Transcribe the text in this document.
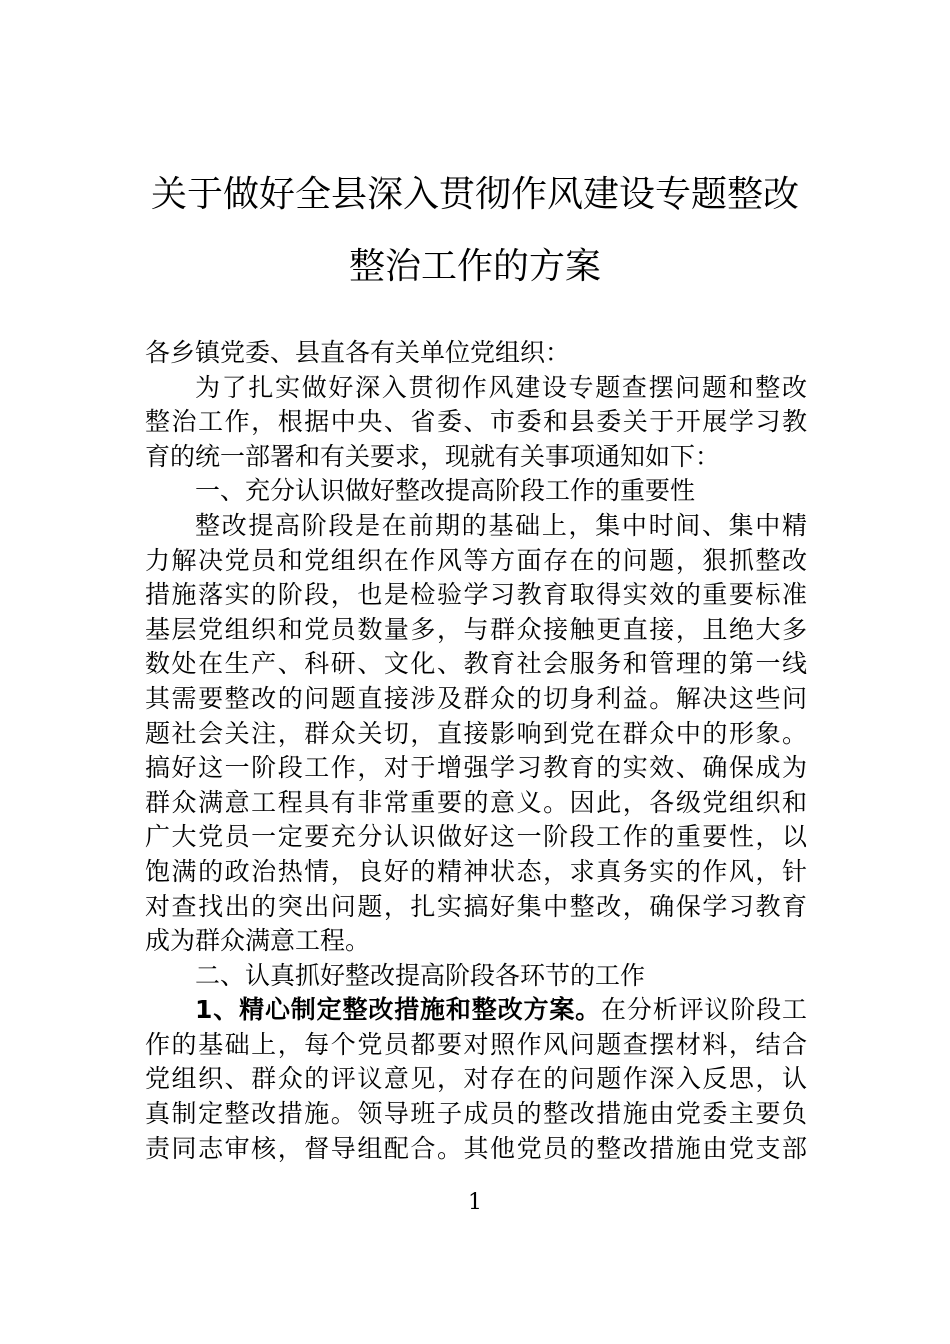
关于做好全县深入贯彻作风建设专题整改
整治工作的方案
各乡镇党委、县直各有关单位党组织：
为了扎实做好深入贯彻作风建设专题查摆问题和整改
整治工作，根据中央、省委、市委和县委关于开展学习教
育的统一部署和有关要求，现就有关事项通知如下：
一、充分认识做好整改提高阶段工作的重要性
整改提高阶段是在前期的基础上，集中时间、集中精
力解决党员和党组织在作风等方面存在的问题，狠抓整改
措施落实的阶段，也是检验学习教育取得实效的重要标准
基层党组织和党员数量多，与群众接触更直接，且绝大多
数处在生产、科研、文化、教育社会服务和管理的第一线
其需要整改的问题直接涉及群众的切身利益。解决这些问
题社会关注，群众关切，直接影响到党在群众中的形象。
搞好这一阶段工作，对于增强学习教育的实效、确保成为
群众满意工程具有非常重要的意义。因此，各级党组织和
广大党员一定要充分认识做好这一阶段工作的重要性，以
饱满的政治热情，良好的精神状态，求真务实的作风，针
对查找出的突出问题，扎实搞好集中整改，确保学习教育
成为群众满意工程。
二、认真抓好整改提高阶段各环节的工作
1、精心制定整改措施和整改方案。在分析评议阶段工
作的基础上，每个党员都要对照作风问题查摆材料，结合
党组织、群众的评议意见，对存在的问题作深入反思，认
真制定整改措施。领导班子成员的整改措施由党委主要负
责同志审核，督导组配合。其他党员的整改措施由党支部
1
